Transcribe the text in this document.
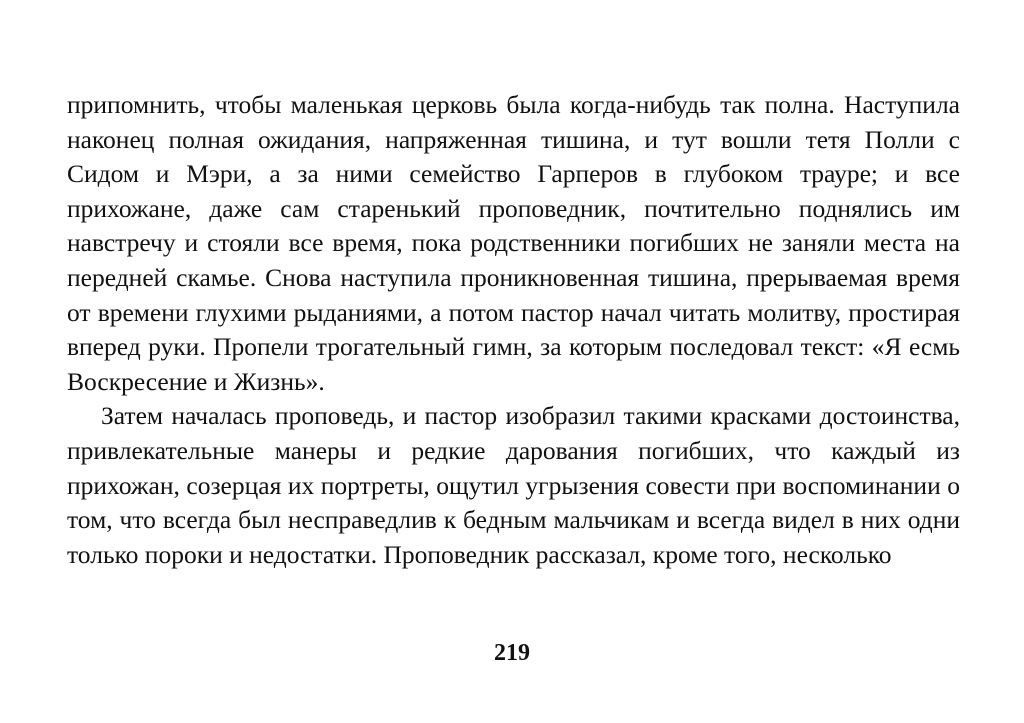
припомнить, чтобы маленькая церковь была когда-нибудь так полна. Наступила наконец полная ожидания, напряженная тишина, и тут вошли тетя Полли с Сидом и Мэри, а за ними семейство Гарперов в глубоком трауре; и все прихожане, даже сам старенький проповедник, почтительно поднялись им навстречу и стояли все время, пока родственники погибших не заняли места на передней скамье. Снова наступила проникновенная тишина, прерываемая время от времени глухими рыданиями, а потом пастор начал читать молитву, простирая вперед руки. Пропели трогательный гимн, за которым последовал текст: «Я есмь Воскресение и Жизнь».

Затем началась проповедь, и пастор изобразил такими красками достоинства, привлекательные манеры и редкие дарования погибших, что каждый из прихожан, созерцая их портреты, ощутил угрызения совести при воспоминании о том, что всегда был несправедлив к бедным мальчикам и всегда видел в них одни только пороки и недостатки. Проповедник рассказал, кроме того, несколько

219
